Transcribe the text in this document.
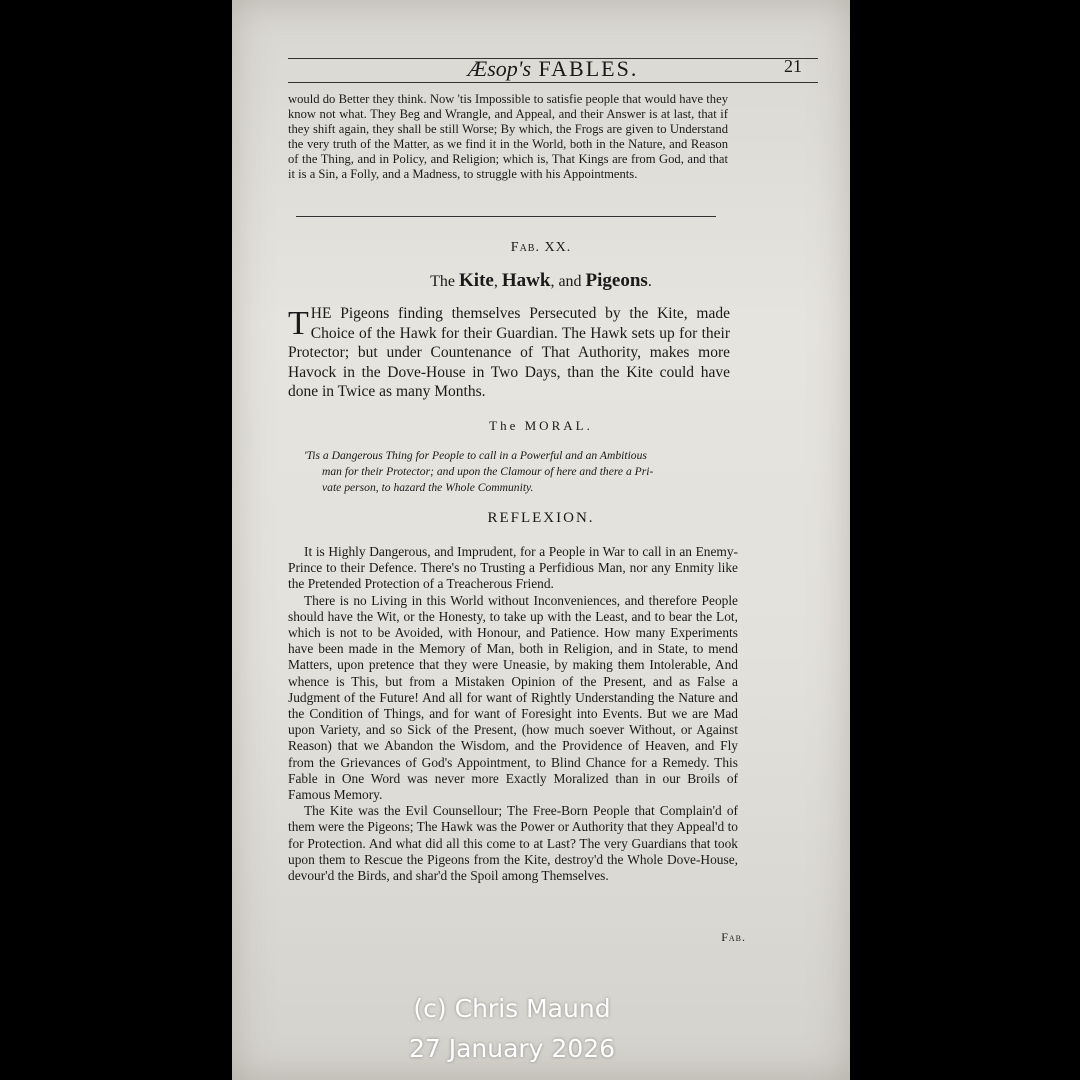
Æsop's FABLES.	21
would do Better they think. Now 'tis Impossible to satisfie people that would have they know not what. They Beg and Wrangle, and Appeal, and their Answer is at last, that if they shift again, they shall be still Worse; By which, the Frogs are given to Understand the very truth of the Matter, as we find it in the World, both in the Nature, and Reason of the Thing, and in Policy, and Religion; which is, That Kings are from God, and that it is a Sin, a Folly, and a Madness, to struggle with his Appointments.
Fab. XX.
The Kite, Hawk, and Pigeons.
THE Pigeons finding themselves Persecuted by the Kite, made Choice of the Hawk for their Guardian. The Hawk sets up for their Protector; but under Countenance of That Authority, makes more Havock in the Dove-House in Two Days, than the Kite could have done in Twice as many Months.
The MORAL.
'Tis a Dangerous Thing for People to call in a Powerful and an Ambitious
man for their Protector; and upon the Clamour of here and there a Pri-
vate person, to hazard the Whole Community.
REFLEXION.

It is Highly Dangerous, and Imprudent, for a People in War to call in an Enemy-Prince to their Defence. There's no Trusting a Perfidious Man, nor any Enmity like the Pretended Protection of a Treacherous Friend.

There is no Living in this World without Inconveniences, and therefore People should have the Wit, or the Honesty, to take up with the Least, and to bear the Lot, which is not to be Avoided, with Honour, and Patience. How many Experiments have been made in the Memory of Man, both in Religion, and in State, to mend Matters, upon pretence that they were Uneasie, by making them Intolerable, And whence is This, but from a Mistaken Opinion of the Present, and as False a Judgment of the Future! And all for want of Rightly Understanding the Nature and the Condition of Things, and for want of Foresight into Events. But we are Mad upon Variety, and so Sick of the Present, (how much soever Without, or Against Reason) that we Abandon the Wisdom, and the Providence of Heaven, and Fly from the Grievances of God's Appointment, to Blind Chance for a Remedy. This Fable in One Word was never more Exactly Moralized than in our Broils of Famous Memory.

The Kite was the Evil Counsellour; The Free-Born People that Complain'd of them were the Pigeons; The Hawk was the Power or Authority that they Appeal'd to for Protection. And what did all this come to at Last? The very Guardians that took upon them to Rescue the Pigeons from the Kite, destroy'd the Whole Dove-House, devour'd the Birds, and shar'd the Spoil among Themselves.

Fab.
(c) Chris Maund
27 January 2026
